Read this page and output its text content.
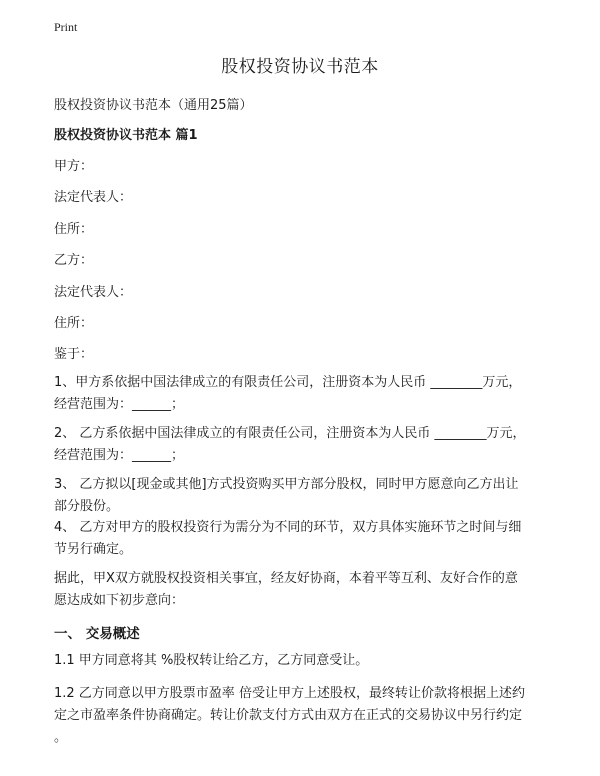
Print
股权投资协议书范本
股权投资协议书范本（通用25篇）
股权投资协议书范本 篇1
甲方：
法定代表人：
住所：
乙方：
法定代表人：
住所：
鉴于：
1、甲方系依据中国法律成立的有限责任公司，注册资本为人民币 ________万元，
经营范围为：______；
2、 乙方系依据中国法律成立的有限责任公司，注册资本为人民币 ________万元，
经营范围为：______；
3、 乙方拟以[现金或其他]方式投资购买甲方部分股权，同时甲方愿意向乙方出让
部分股份。
4、 乙方对甲方的股权投资行为需分为不同的环节，双方具体实施环节之时间与细
节另行确定。
据此，甲X双方就股权投资相关事宜，经友好协商，本着平等互利、友好合作的意
愿达成如下初步意向：
一、 交易概述
1.1 甲方同意将其 %股权转让给乙方，乙方同意受让。
1.2 乙方同意以甲方股票市盈率 倍受让甲方上述股权，最终转让价款将根据上述约
定之市盈率条件协商确定。转让价款支付方式由双方在正式的交易协议中另行约定
。
